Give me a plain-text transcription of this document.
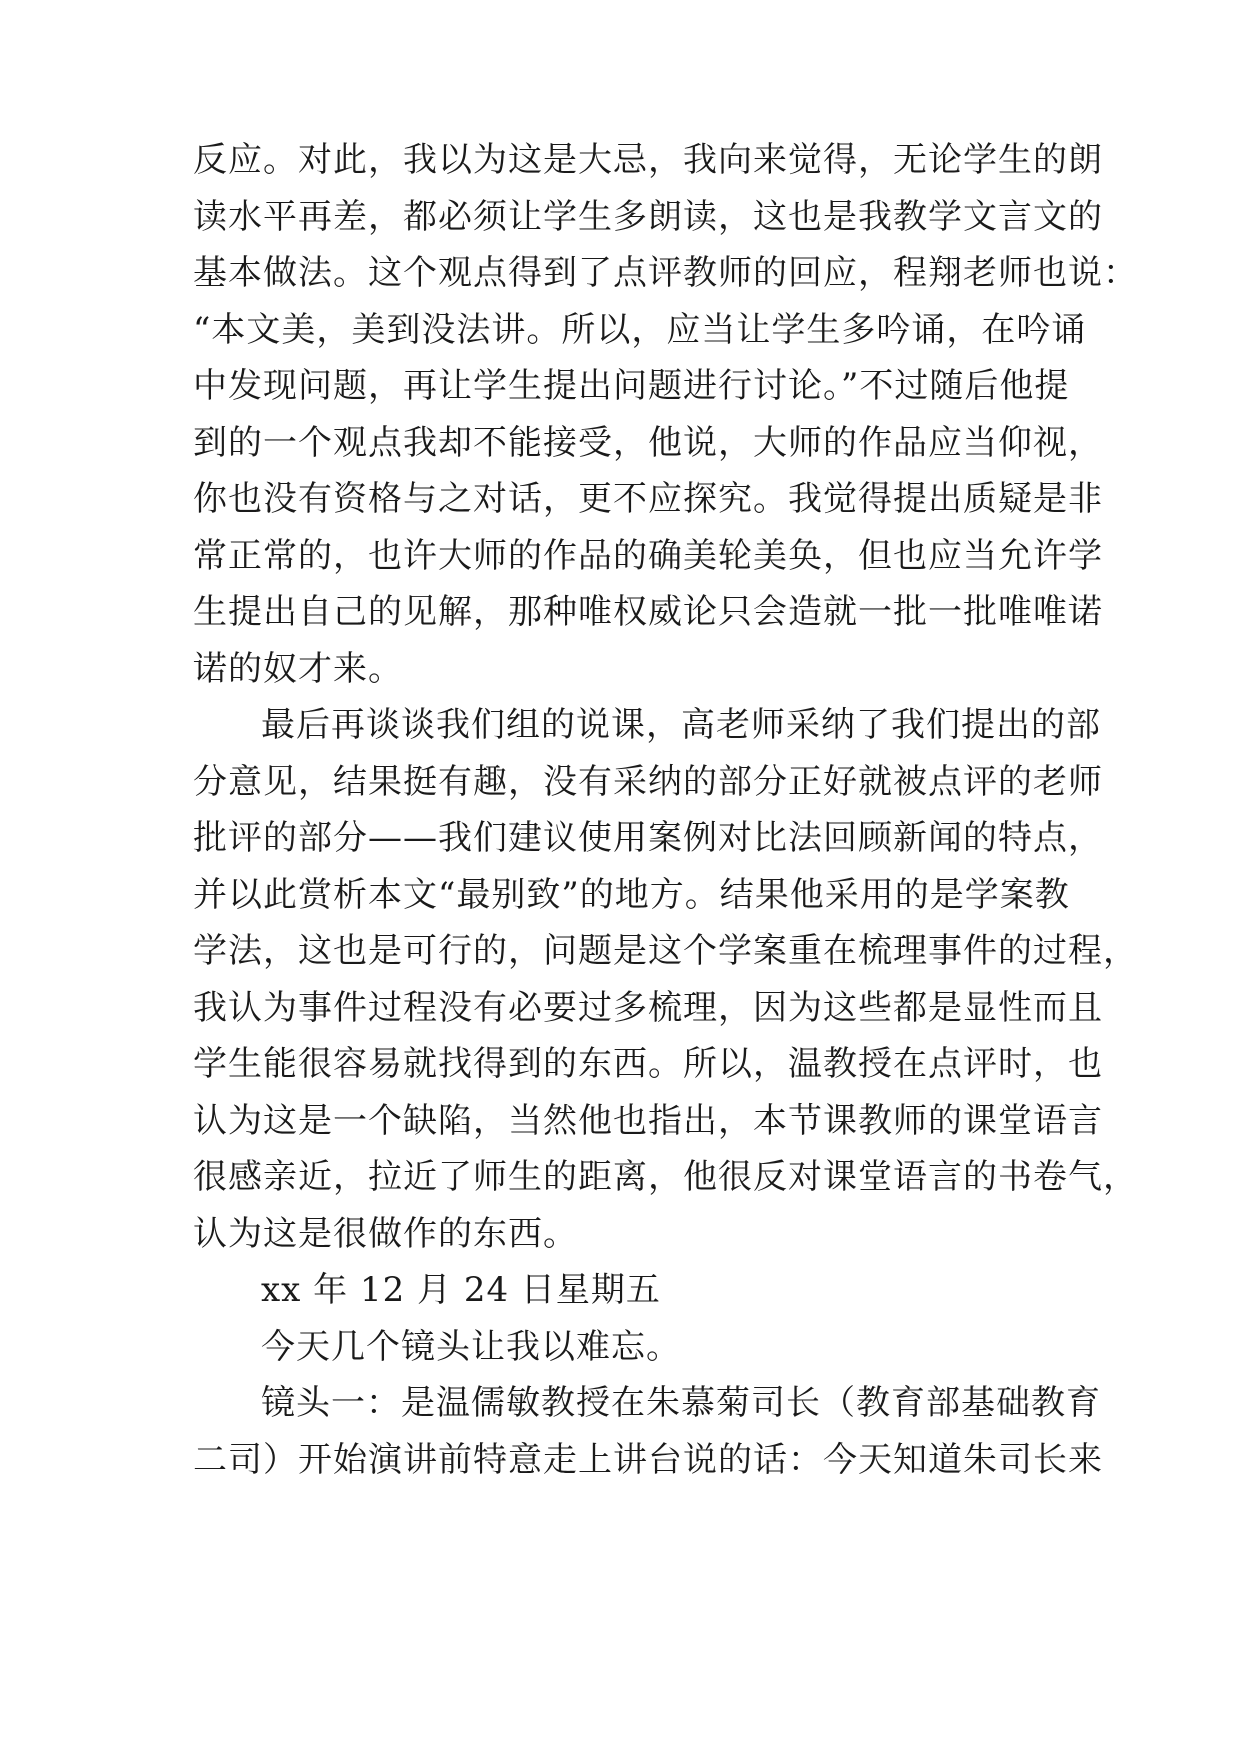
反应。对此，我以为这是大忌，我向来觉得，无论学生的朗
读水平再差，都必须让学生多朗读，这也是我教学文言文的
基本做法。这个观点得到了点评教师的回应，程翔老师也说：
“本文美，美到没法讲。所以，应当让学生多吟诵，在吟诵
中发现问题，再让学生提出问题进行讨论。”不过随后他提
到的一个观点我却不能接受，他说，大师的作品应当仰视，
你也没有资格与之对话，更不应探究。我觉得提出质疑是非
常正常的，也许大师的作品的确美轮美奂，但也应当允许学
生提出自己的见解，那种唯权威论只会造就一批一批唯唯诺
诺的奴才来。
最后再谈谈我们组的说课，高老师采纳了我们提出的部
分意见，结果挺有趣，没有采纳的部分正好就被点评的老师
批评的部分——我们建议使用案例对比法回顾新闻的特点，
并以此赏析本文“最别致”的地方。结果他采用的是学案教
学法，这也是可行的，问题是这个学案重在梳理事件的过程，
我认为事件过程没有必要过多梳理，因为这些都是显性而且
学生能很容易就找得到的东西。所以，温教授在点评时，也
认为这是一个缺陷，当然他也指出，本节课教师的课堂语言
很感亲近，拉近了师生的距离，他很反对课堂语言的书卷气，
认为这是很做作的东西。
xx 年 12 月 24 日星期五
今天几个镜头让我以难忘。
镜头一：是温儒敏教授在朱慕菊司长（教育部基础教育
二司）开始演讲前特意走上讲台说的话：今天知道朱司长来
